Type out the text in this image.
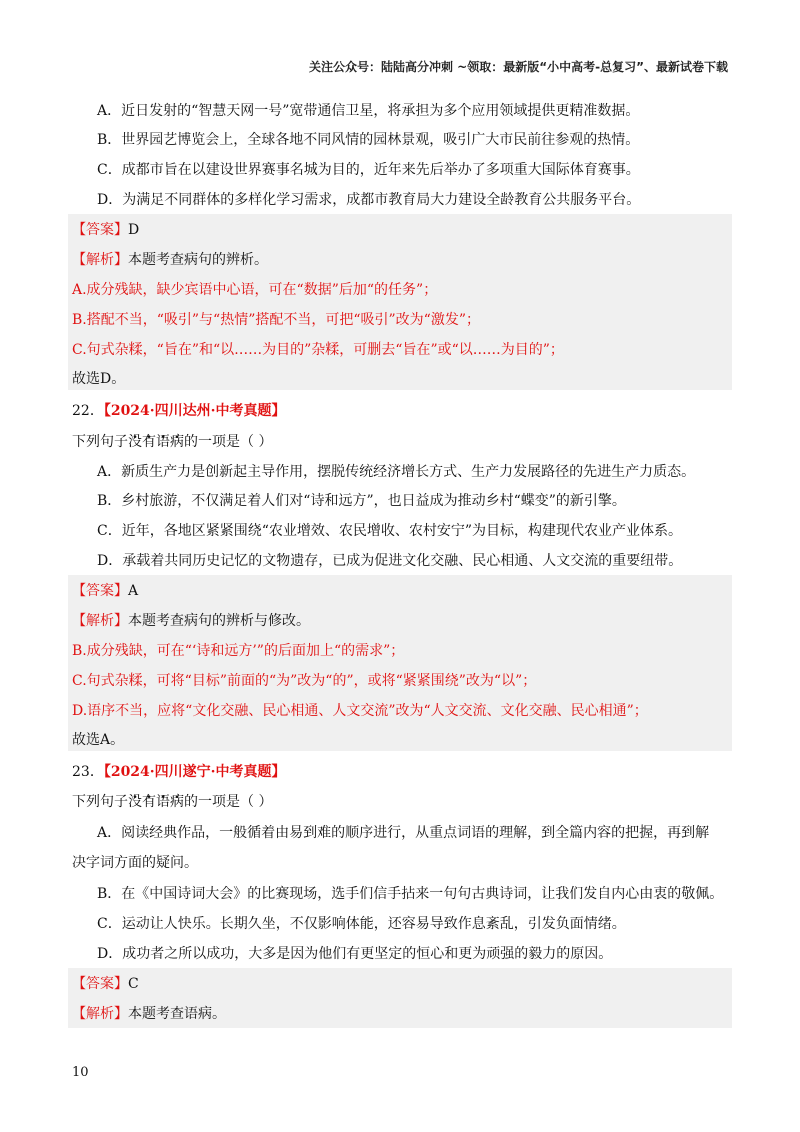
关注公众号：陆陆高分冲刺 ~领取：最新版“小中高考-总复习”、最新试卷下载
A．近日发射的“智慧天网一号”宽带通信卫星，将承担为多个应用领域提供更精准数据。
B．世界园艺博览会上，全球各地不同风情的园林景观，吸引广大市民前往参观的热情。
C．成都市旨在以建设世界赛事名城为目的，近年来先后举办了多项重大国际体育赛事。
D．为满足不同群体的多样化学习需求，成都市教育局大力建设全龄教育公共服务平台。
【答案】D
【解析】本题考查病句的辨析。
A.成分残缺，缺少宾语中心语，可在“数据”后加“的任务”；
B.搭配不当，“吸引”与“热情”搭配不当，可把“吸引”改为“激发”；
C.句式杂糅，“旨在”和“以……为目的”杂糅，可删去“旨在”或“以……为目的”；
故选D。
22．【2024·四川达州·中考真题】
下列句子没有语病的一项是（ ）
A．新质生产力是创新起主导作用，摆脱传统经济增长方式、生产力发展路径的先进生产力质态。
B．乡村旅游，不仅满足着人们对“诗和远方”，也日益成为推动乡村“蝶变”的新引擎。
C．近年，各地区紧紧围绕“农业增效、农民增收、农村安宁”为目标，构建现代农业产业体系。
D．承载着共同历史记忆的文物遗存，已成为促进文化交融、民心相通、人文交流的重要纽带。
【答案】A
【解析】本题考查病句的辨析与修改。
B.成分残缺，可在“‘诗和远方’”的后面加上“的需求”；
C.句式杂糅，可将“目标”前面的“为”改为“的”，或将“紧紧围绕”改为“以”；
D.语序不当，应将“文化交融、民心相通、人文交流”改为“人文交流、文化交融、民心相通”；
故选A。
23．【2024·四川遂宁·中考真题】
下列句子没有语病的一项是（ ）
A．阅读经典作品，一般循着由易到难的顺序进行，从重点词语的理解，到全篇内容的把握，再到解
决字词方面的疑问。
B．在《中国诗词大会》的比赛现场，选手们信手拈来一句句古典诗词，让我们发自内心由衷的敬佩。
C．运动让人快乐。长期久坐，不仅影响体能，还容易导致作息紊乱，引发负面情绪。
D．成功者之所以成功，大多是因为他们有更坚定的恒心和更为顽强的毅力的原因。
【答案】C
【解析】本题考查语病。
10
